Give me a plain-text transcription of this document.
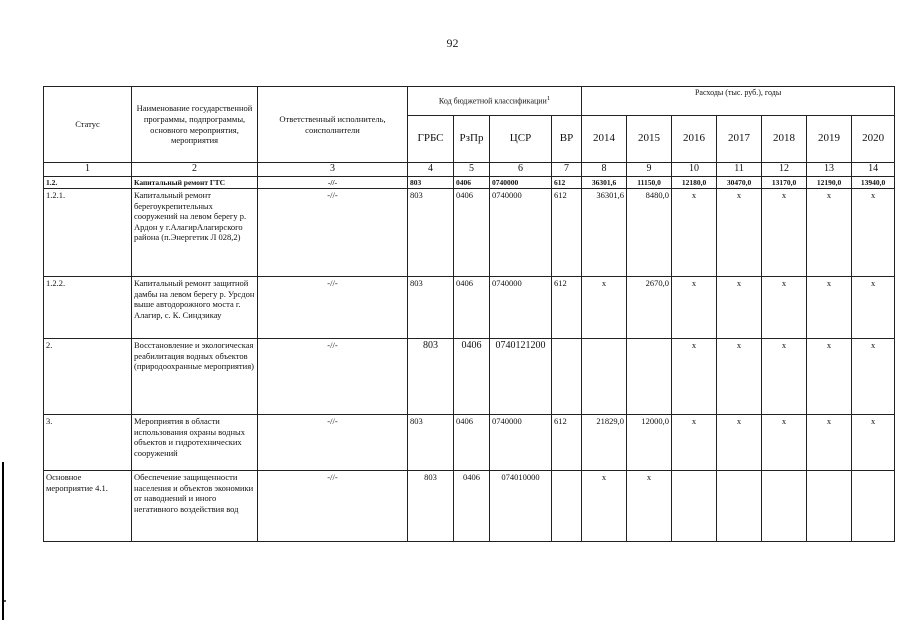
92
Статус	Наименование государственной программы, подпрограммы, основного мероприятия, мероприятия	Ответственный исполнитель, соисполнители	Код бюджетной классификации$^1$				Расходы (тыс. руб.), годы						
			ГРБС	РзПр	ЦСР	ВР	2014	2015	2016	2017	2018	2019	2020
1	2	3	4	5	6	7	8	9	10	11	12	13	14
1.2.	Капитальный ремонт ГТС	-//-	803	0406	0740000	612	36301,6	11150,0	12180,0	30470,0	13170,0	12190,0	13940,0
1.2.1.	Капитальный ремонт берегоукрепительных сооружений на левом берегу р. Ардон у г.АлагирАлагирского района (п.Энергетик Л 028,2)	-//-	803	0406	0740000	612	36301,6	8480,0	x	x	x	x	x
1.2.2.	Капитальный ремонт защитной дамбы на левом берегу р. Урсдон выше автодорожного моста г. Алагир, с. К. Синдзикау	-//-	803	0406	0740000	612	x	2670,0	x	x	x	x	x
2.	Восстановление и экологическая реабилитация водных объектов (природоохранные мероприятия)	-//-	803	0406	0740121200				x	x	x	x	x
3.	Мероприятия в области использования охраны водных объектов и гидротехнических сооружений	-//-	803	0406	0740000	612	21829,0	12000,0	x	x	x	x	x
Основное мероприятие 4.1.	Обеспечение защищенности населения и объектов экономики от наводнений и иного негативного воздействия вод	-//-	803	0406	074010000		x	x					
